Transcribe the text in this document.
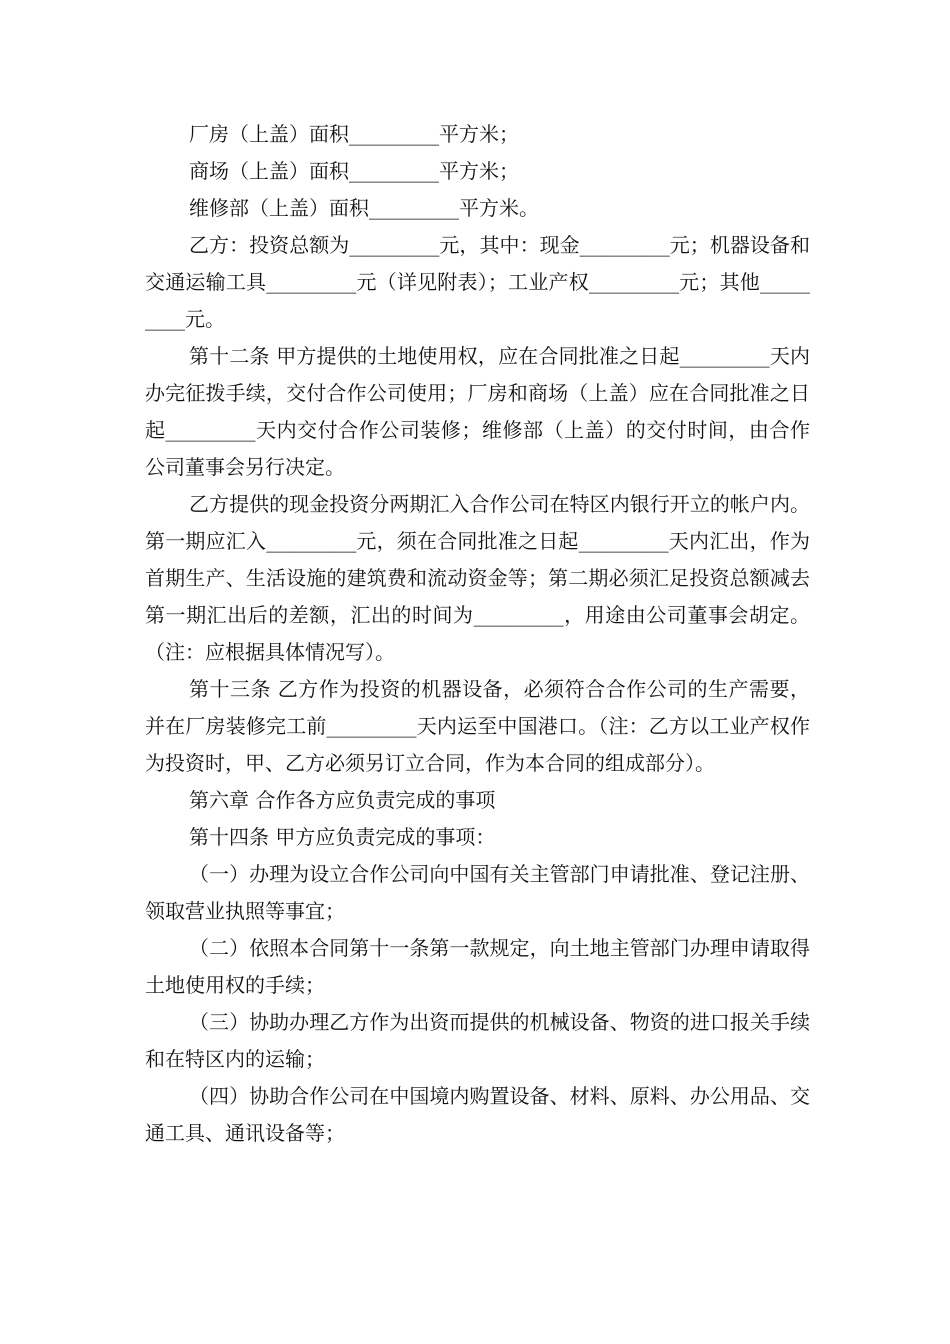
厂房（上盖）面积_________平方米；

商场（上盖）面积_________平方米；

维修部（上盖）面积_________平方米。

乙方：投资总额为_________元，其中：现金_________元；机器设备和交通运输工具_________元（详见附表）；工业产权_________元；其他_________元。

第十二条 甲方提供的土地使用权，应在合同批准之日起_________天内办完征拨手续，交付合作公司使用；厂房和商场（上盖）应在合同批准之日起_________天内交付合作公司装修；维修部（上盖）的交付时间，由合作公司董事会另行决定。

乙方提供的现金投资分两期汇入合作公司在特区内银行开立的帐户内。第一期应汇入_________元，须在合同批准之日起_________天内汇出，作为首期生产、生活设施的建筑费和流动资金等；第二期必须汇足投资总额减去第一期汇出后的差额，汇出的时间为_________，用途由公司董事会胡定。（注：应根据具体情况写）。

第十三条 乙方作为投资的机器设备，必须符合合作公司的生产需要，并在厂房装修完工前_________天内运至中国港口。（注：乙方以工业产权作为投资时，甲、乙方必须另订立合同，作为本合同的组成部分）。

第六章 合作各方应负责完成的事项

第十四条 甲方应负责完成的事项：

（一）办理为设立合作公司向中国有关主管部门申请批准、登记注册、领取营业执照等事宜；

（二）依照本合同第十一条第一款规定，向土地主管部门办理申请取得土地使用权的手续；

（三）协助办理乙方作为出资而提供的机械设备、物资的进口报关手续和在特区内的运输；

（四）协助合作公司在中国境内购置设备、材料、原料、办公用品、交通工具、通讯设备等；
